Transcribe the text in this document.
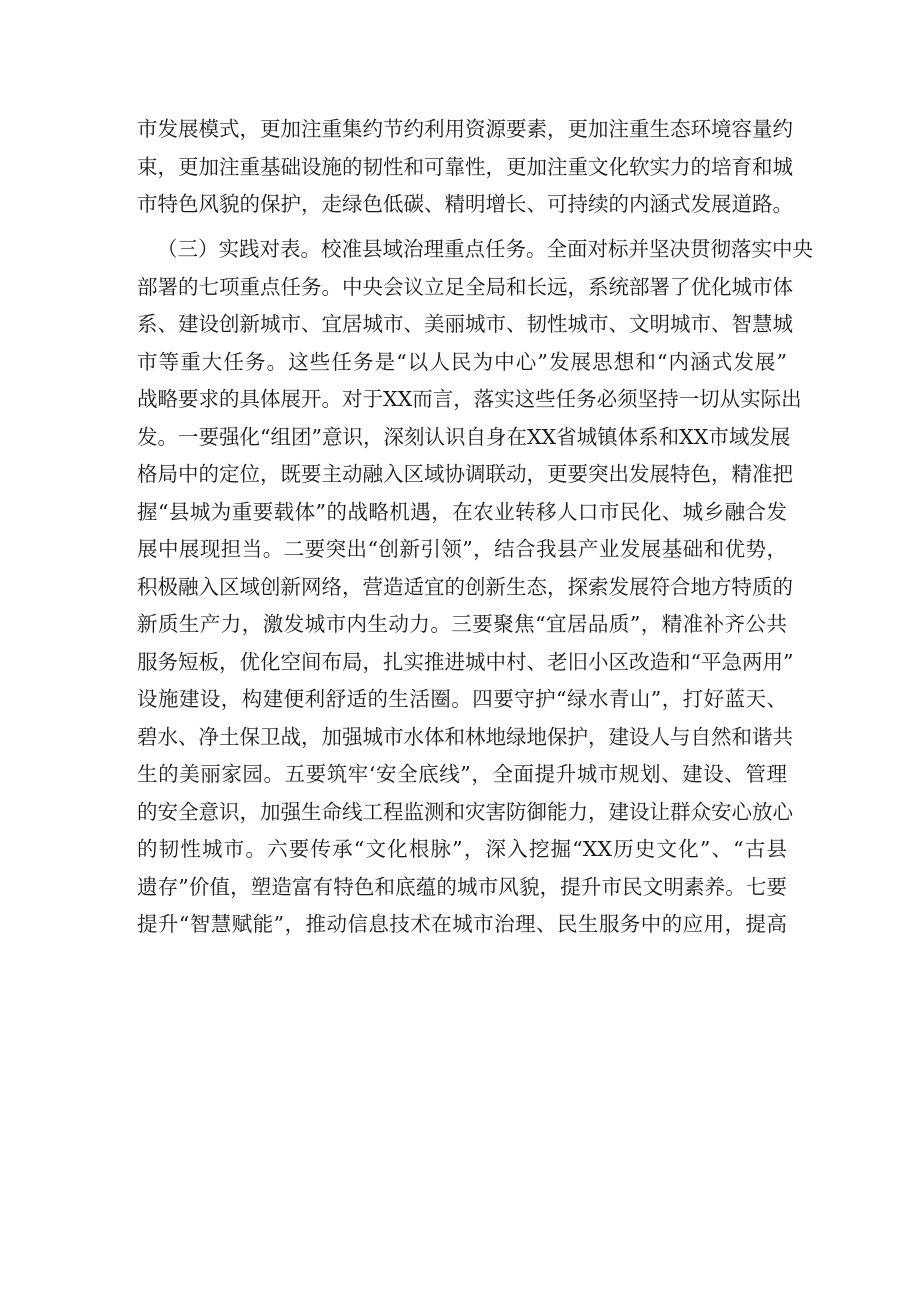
市发展模式，更加注重集约节约利用资源要素，更加注重生态环境容量约
束，更加注重基础设施的韧性和可靠性，更加注重文化软实力的培育和城
市特色风貌的保护，走绿色低碳、精明增长、可持续的内涵式发展道路。
（三）实践对表。校准县域治理重点任务。全面对标并坚决贯彻落实中央
部署的七项重点任务。中央会议立足全局和长远，系统部署了优化城市体
系、建设创新城市、宜居城市、美丽城市、韧性城市、文明城市、智慧城
市等重大任务。这些任务是“以人民为中心”发展思想和“内涵式发展”
战略要求的具体展开。对于XX而言，落实这些任务必须坚持一切从实际出
发。一要强化“组团”意识，深刻认识自身在XX省城镇体系和XX市域发展
格局中的定位，既要主动融入区域协调联动，更要突出发展特色，精准把
握“县城为重要载体”的战略机遇，在农业转移人口市民化、城乡融合发
展中展现担当。二要突出“创新引领”，结合我县产业发展基础和优势，
积极融入区域创新网络，营造适宜的创新生态，探索发展符合地方特质的
新质生产力，激发城市内生动力。三要聚焦“宜居品质”，精准补齐公共
服务短板，优化空间布局，扎实推进城中村、老旧小区改造和“平急两用”
设施建设，构建便利舒适的生活圈。四要守护“绿水青山”，打好蓝天、
碧水、净土保卫战，加强城市水体和林地绿地保护，建设人与自然和谐共
生的美丽家园。五要筑牢‘安全底线”，全面提升城市规划、建设、管理
的安全意识，加强生命线工程监测和灾害防御能力，建设让群众安心放心
的韧性城市。六要传承“文化根脉”，深入挖掘“XX历史文化”、“古县
遗存”价值，塑造富有特色和底蕴的城市风貌，提升市民文明素养。七要
提升“智慧赋能”，推动信息技术在城市治理、民生服务中的应用，提高
